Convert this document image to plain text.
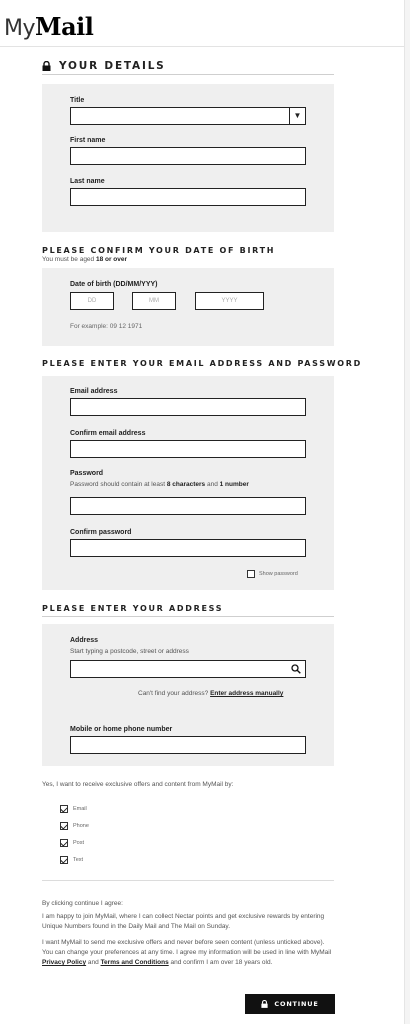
My Mail
YOUR DETAILS
Title
▼
First name
Last name
PLEASE CONFIRM YOUR DATE OF BIRTH
You must be aged 18 or over
Date of birth (DD/MM/YYY)
DD	MM	YYYY
For example: 09 12 1971
PLEASE ENTER YOUR EMAIL ADDRESS AND PASSWORD
Email address
Confirm email address
Password
Password should contain at least 8 characters and 1 number
Confirm password
Show password
PLEASE ENTER YOUR ADDRESS
Address
Start typing a postcode, street or address
Can't find your address? Enter address manually
Mobile or home phone number
Yes, I want to receive exclusive offers and content from MyMail by:
Email
Phone
Post
Text
By clicking continue I agree:
I am happy to join MyMail, where I can collect Nectar points and get exclusive rewards by entering Unique Numbers found in the Daily Mail and The Mail on Sunday.
I want MyMail to send me exclusive offers and never before seen content (unless unticked above). You can change your preferences at any time. I agree my information will be used in line with MyMail Privacy Policy and Terms and Conditions and confirm I am over 18 years old.
CONTINUE
